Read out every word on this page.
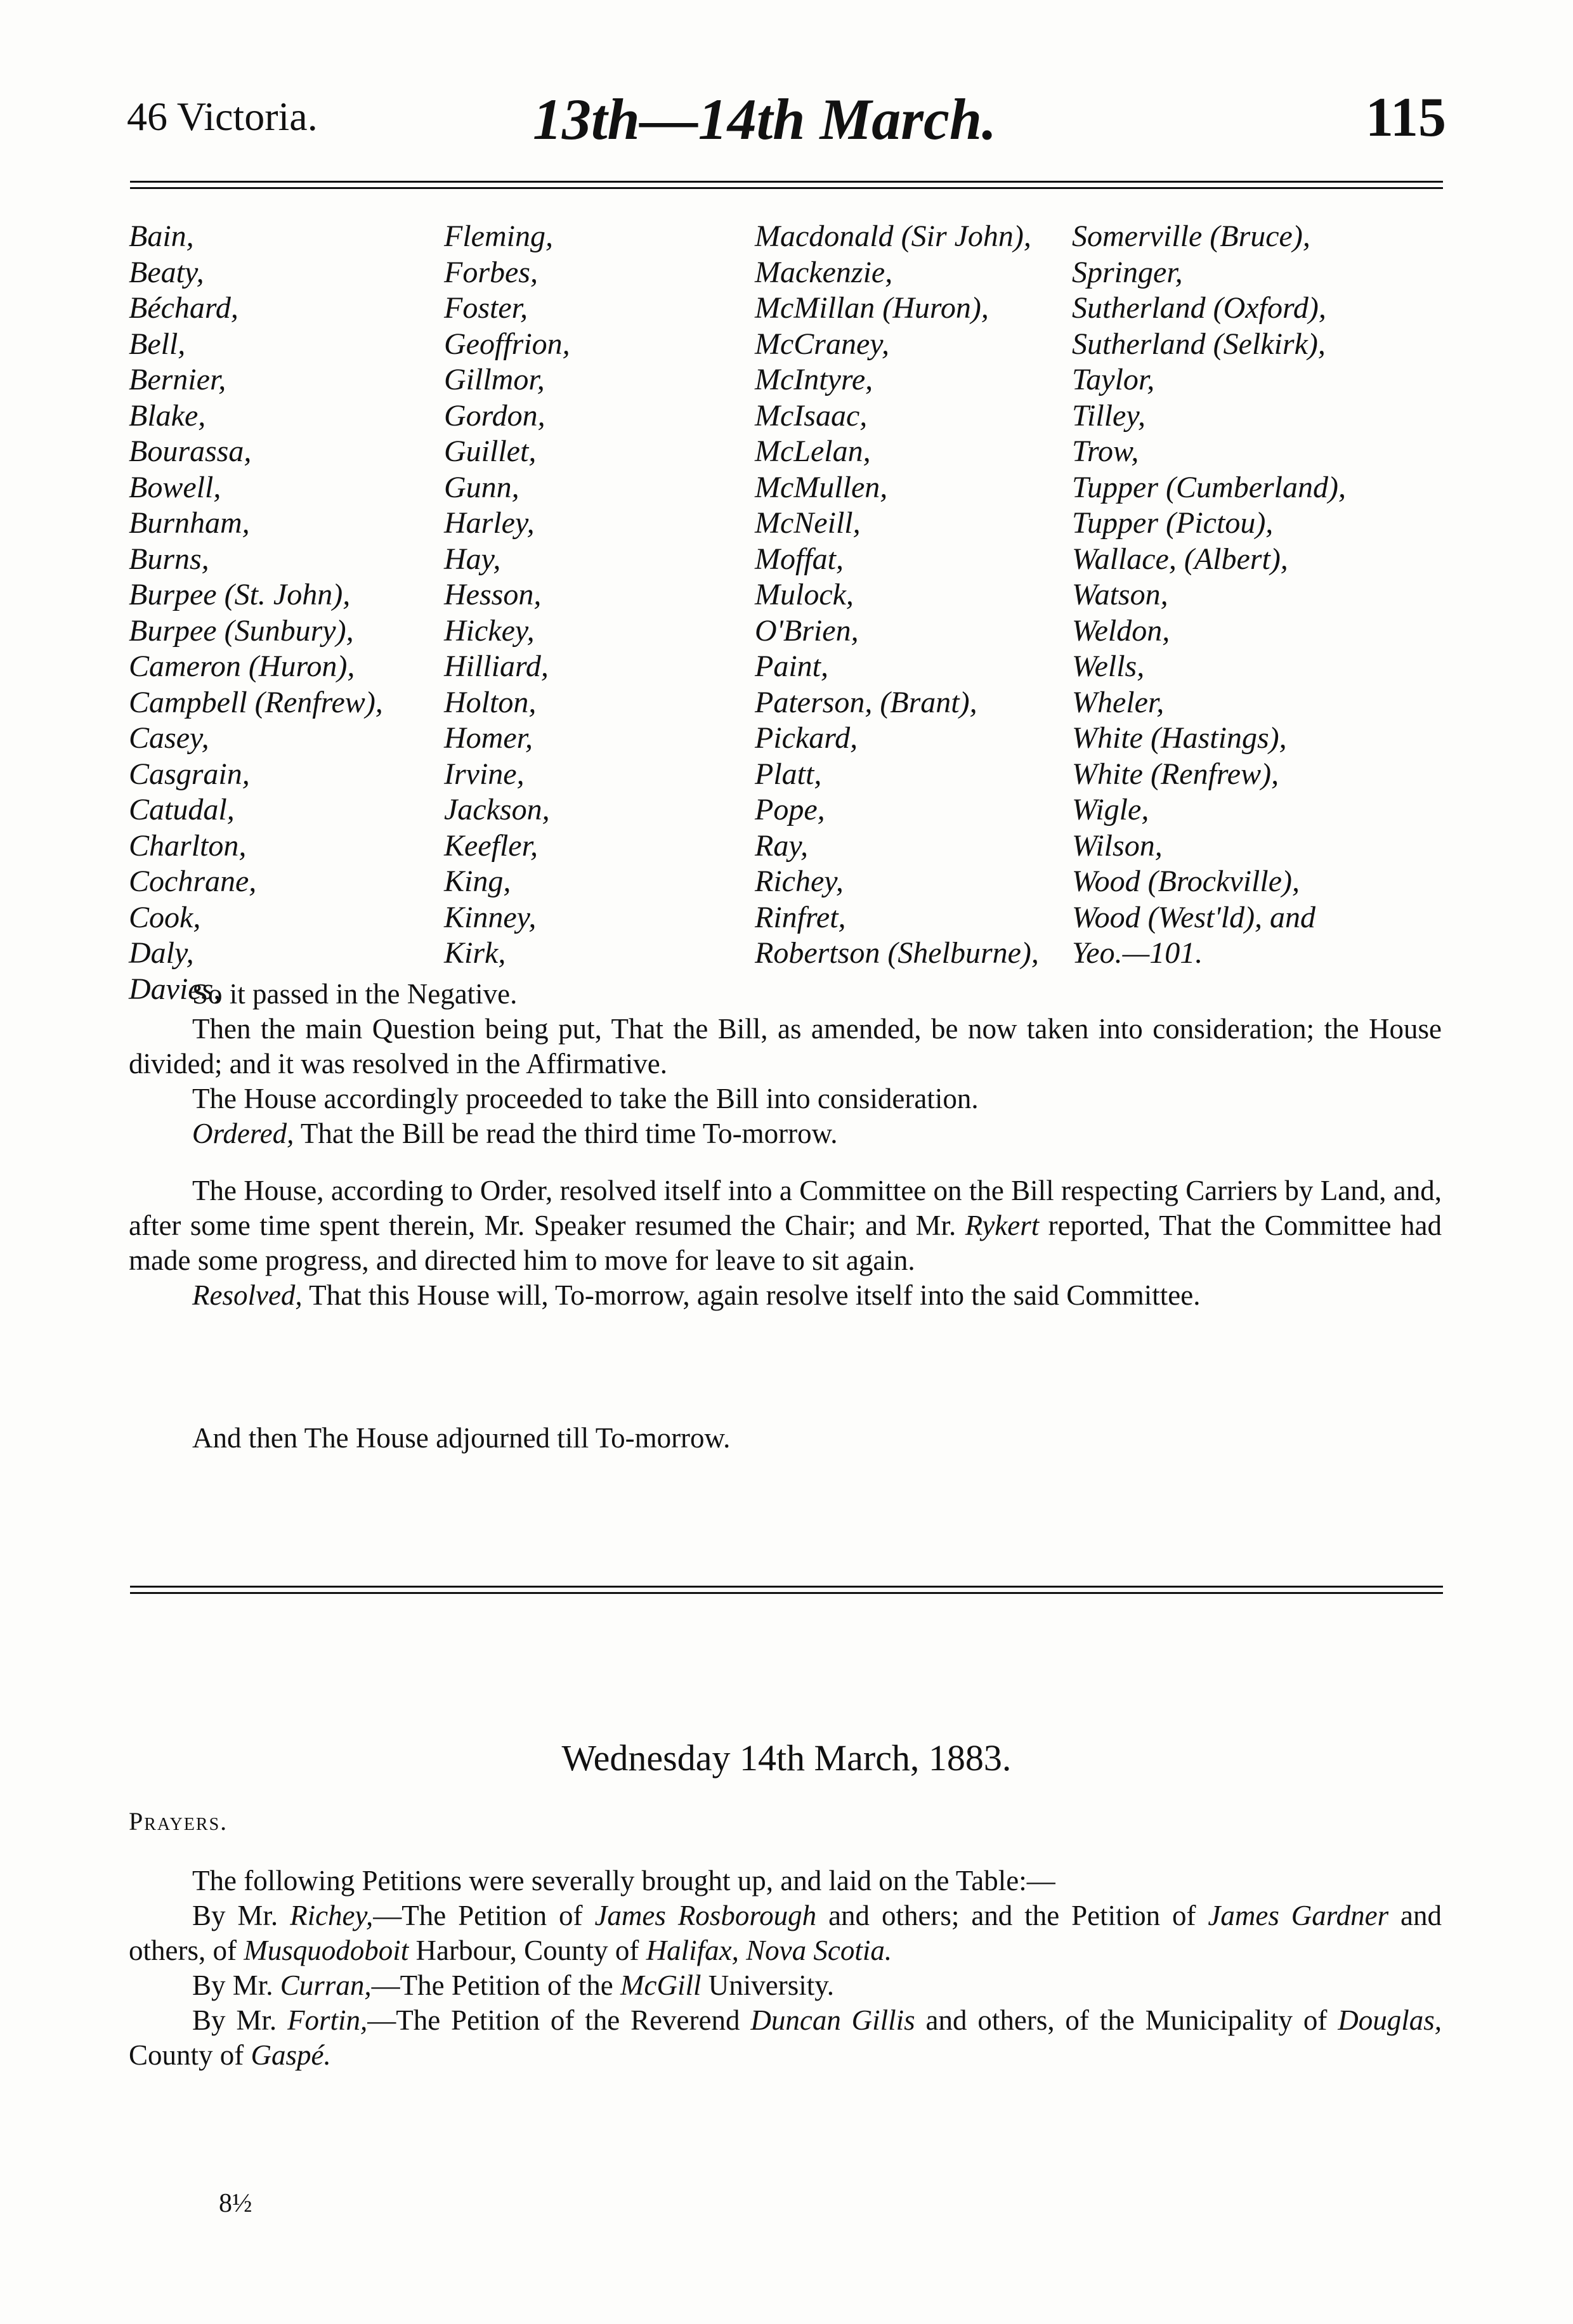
46 Victoria.	13th—14th March.	115
Bain,
Beaty,
Béchard,
Bell,
Bernier,
Blake,
Bourassa,
Bowell,
Burnham,
Burns,
Burpee (St. John),
Burpee (Sunbury),
Cameron (Huron),
Campbell (Renfrew),
Casey,
Casgrain,
Catudal,
Charlton,
Cochrane,
Cook,
Daly,
Davies,
Fleming,
Forbes,
Foster,
Geoffrion,
Gillmor,
Gordon,
Guillet,
Gunn,
Harley,
Hay,
Hesson,
Hickey,
Hilliard,
Holton,
Homer,
Irvine,
Jackson,
Keefler,
King,
Kinney,
Kirk,
Macdonald (Sir John),
Mackenzie,
McMillan (Huron),
McCraney,
McIntyre,
McIsaac,
McLelan,
McMullen,
McNeill,
Moffat,
Mulock,
O'Brien,
Paint,
Paterson, (Brant),
Pickard,
Platt,
Pope,
Ray,
Richey,
Rinfret,
Robertson (Shelburne),
Somerville (Bruce),
Springer,
Sutherland (Oxford),
Sutherland (Selkirk),
Taylor,
Tilley,
Trow,
Tupper (Cumberland),
Tupper (Pictou),
Wallace, (Albert),
Watson,
Weldon,
Wells,
Wheler,
White (Hastings),
White (Renfrew),
Wigle,
Wilson,
Wood (Brockville),
Wood (West'ld), and
Yeo.—101.

So it passed in the Negative.

Then the main Question being put, That the Bill, as amended, be now taken into consideration; the House divided; and it was resolved in the Affirmative.

The House accordingly proceeded to take the Bill into consideration.

Ordered, That the Bill be read the third time To-morrow.

The House, according to Order, resolved itself into a Committee on the Bill respecting Carriers by Land, and, after some time spent therein, Mr. Speaker resumed the Chair; and Mr. Rykert reported, That the Committee had made some progress, and directed him to move for leave to sit again.

Resolved, That this House will, To-morrow, again resolve itself into the said Committee.

And then The House adjourned till To-morrow.

Wednesday 14th March, 1883.
Prayers.

The following Petitions were severally brought up, and laid on the Table:—

By Mr. Richey,—The Petition of James Rosborough and others; and the Petition of James Gardner and others, of Musquodoboit Harbour, County of Halifax, Nova Scotia.

By Mr. Curran,—The Petition of the McGill University.

By Mr. Fortin,—The Petition of the Reverend Duncan Gillis and others, of the Municipality of Douglas, County of Gaspé.

8½
